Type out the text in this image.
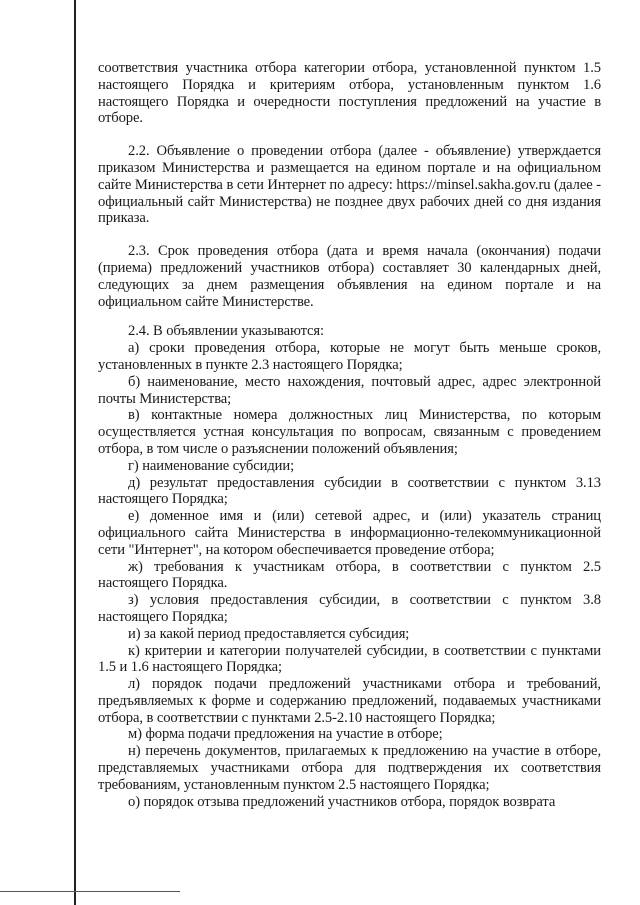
соответствия участника отбора категории отбора, установленной пунктом 1.5 настоящего Порядка и критериям отбора, установленным пунктом 1.6 настоящего Порядка и очередности поступления предложений на участие в отборе.

2.2. Объявление о проведении отбора (далее - объявление) утверждается приказом Министерства и размещается на едином портале и на официальном сайте Министерства в сети Интернет по адресу: https://minsel.sakha.gov.ru (далее - официальный сайт Министерства) не позднее двух рабочих дней со дня издания приказа.

2.3. Срок проведения отбора (дата и время начала (окончания) подачи (приема) предложений участников отбора) составляет 30 календарных дней, следующих за днем размещения объявления на едином портале и на официальном сайте Министерстве.

2.4. В объявлении указываются:

а) сроки проведения отбора, которые не могут быть меньше сроков, установленных в пункте 2.3 настоящего Порядка;

б) наименование, место нахождения, почтовый адрес, адрес электронной почты Министерства;

в) контактные номера должностных лиц Министерства, по которым осуществляется устная консультация по вопросам, связанным с проведением отбора, в том числе о разъяснении положений объявления;

г) наименование субсидии;

д) результат предоставления субсидии в соответствии с пунктом 3.13 настоящего Порядка;

е) доменное имя и (или) сетевой адрес, и (или) указатель страниц официального сайта Министерства в информационно-телекоммуникационной сети "Интернет", на котором обеспечивается проведение отбора;

ж) требования к участникам отбора, в соответствии с пунктом 2.5 настоящего Порядка.

з) условия предоставления субсидии, в соответствии с пунктом 3.8 настоящего Порядка;

и) за какой период предоставляется субсидия;

к) критерии и категории получателей субсидии, в соответствии с пунктами 1.5 и 1.6 настоящего Порядка;

л) порядок подачи предложений участниками отбора и требований, предъявляемых к форме и содержанию предложений, подаваемых участниками отбора, в соответствии с пунктами 2.5-2.10 настоящего Порядка;

м) форма подачи предложения на участие в отборе;

н) перечень документов, прилагаемых к предложению на участие в отборе, представляемых участниками отбора для подтверждения их соответствия требованиям, установленным пунктом 2.5 настоящего Порядка;

о) порядок отзыва предложений участников отбора, порядок возврата
